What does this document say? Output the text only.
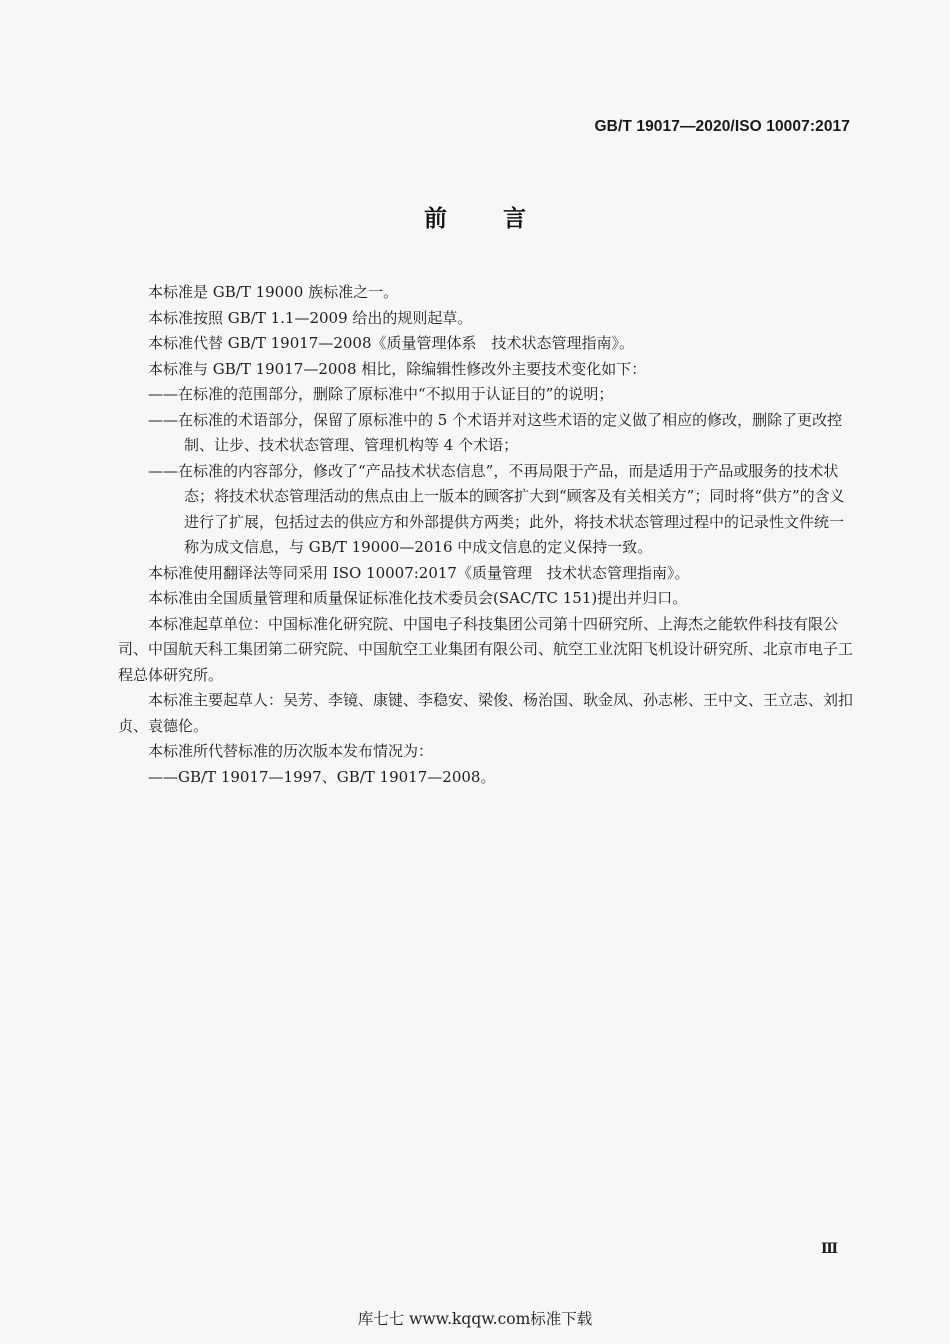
GB/T 19017—2020/ISO 10007:2017
前言

本标准是 GB/T 19000 族标准之一。

本标准按照 GB/T 1.1—2009 给出的规则起草。

本标准代替 GB/T 19017—2008《质量管理体系　技术状态管理指南》。

本标准与 GB/T 19017—2008 相比，除编辑性修改外主要技术变化如下：

——在标准的范围部分，删除了原标准中“不拟用于认证目的”的说明；

——在标准的术语部分，保留了原标准中的 5 个术语并对这些术语的定义做了相应的修改，删除了更改控制、让步、技术状态管理、管理机构等 4 个术语；

——在标准的内容部分，修改了“产品技术状态信息”，不再局限于产品，而是适用于产品或服务的技术状态；将技术状态管理活动的焦点由上一版本的顾客扩大到“顾客及有关相关方”；同时将“供方”的含义进行了扩展，包括过去的供应方和外部提供方两类；此外，将技术状态管理过程中的记录性文件统一称为成文信息，与 GB/T 19000—2016 中成文信息的定义保持一致。

本标准使用翻译法等同采用 ISO 10007:2017《质量管理　技术状态管理指南》。

本标准由全国质量管理和质量保证标准化技术委员会(SAC/TC 151)提出并归口。

本标准起草单位：中国标准化研究院、中国电子科技集团公司第十四研究所、上海杰之能软件科技有限公司、中国航天科工集团第二研究院、中国航空工业集团有限公司、航空工业沈阳飞机设计研究所、北京市电子工程总体研究所。

本标准主要起草人：吴芳、李镜、康键、李稳安、梁俊、杨治国、耿金凤、孙志彬、王中文、王立志、刘扣贞、袁德伦。

本标准所代替标准的历次版本发布情况为：

——GB/T 19017—1997、GB/T 19017—2008。

Ⅲ
库七七 www.kqqw.com标准下载
